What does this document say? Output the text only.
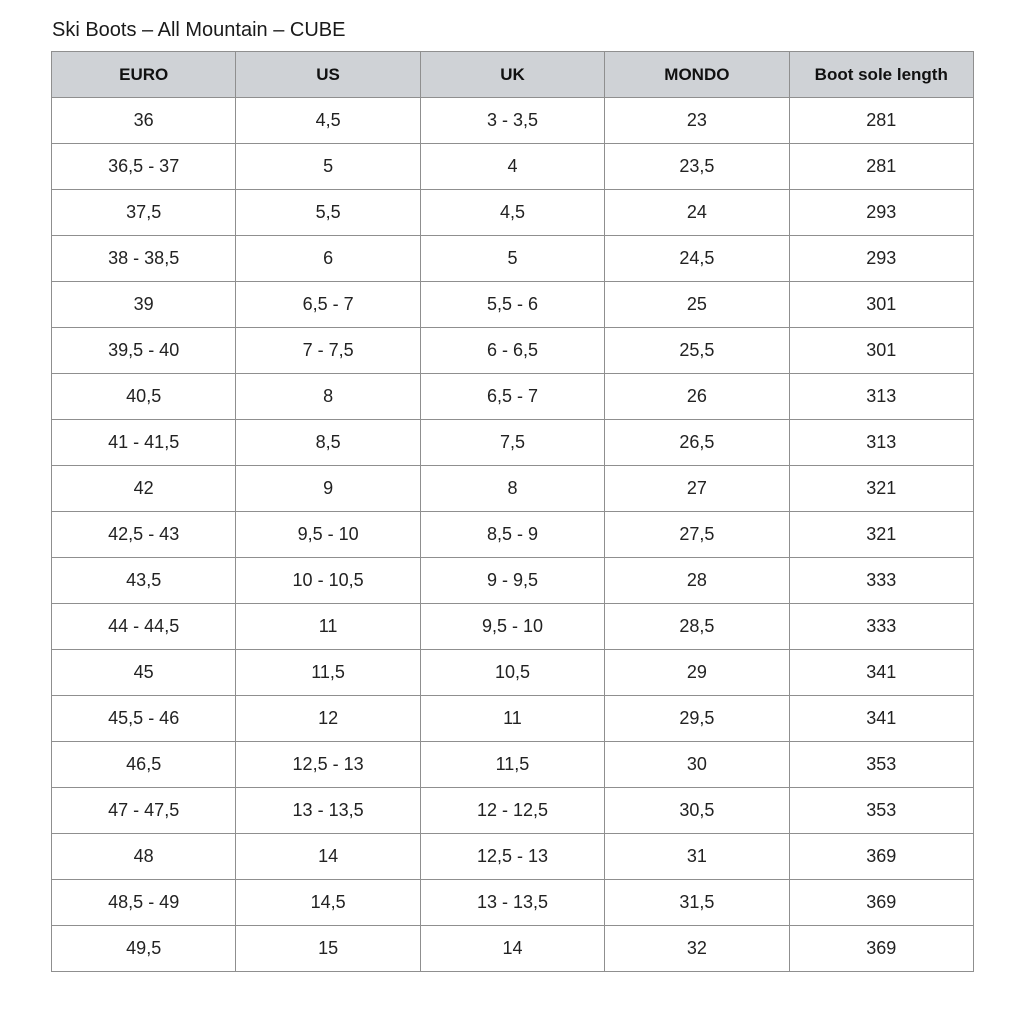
Ski Boots – All Mountain – CUBE
EURO	US	UK	MONDO	Boot sole length
36	4,5	3 - 3,5	23	281
36,5 - 37	5	4	23,5	281
37,5	5,5	4,5	24	293
38 - 38,5	6	5	24,5	293
39	6,5 - 7	5,5 - 6	25	301
39,5 - 40	7 - 7,5	6 - 6,5	25,5	301
40,5	8	6,5 - 7	26	313
41 - 41,5	8,5	7,5	26,5	313
42	9	8	27	321
42,5 - 43	9,5 - 10	8,5 - 9	27,5	321
43,5	10 - 10,5	9 - 9,5	28	333
44 - 44,5	11	9,5 - 10	28,5	333
45	11,5	10,5	29	341
45,5 - 46	12	11	29,5	341
46,5	12,5 - 13	11,5	30	353
47 - 47,5	13 - 13,5	12 - 12,5	30,5	353
48	14	12,5 - 13	31	369
48,5 - 49	14,5	13 - 13,5	31,5	369
49,5	15	14	32	369
